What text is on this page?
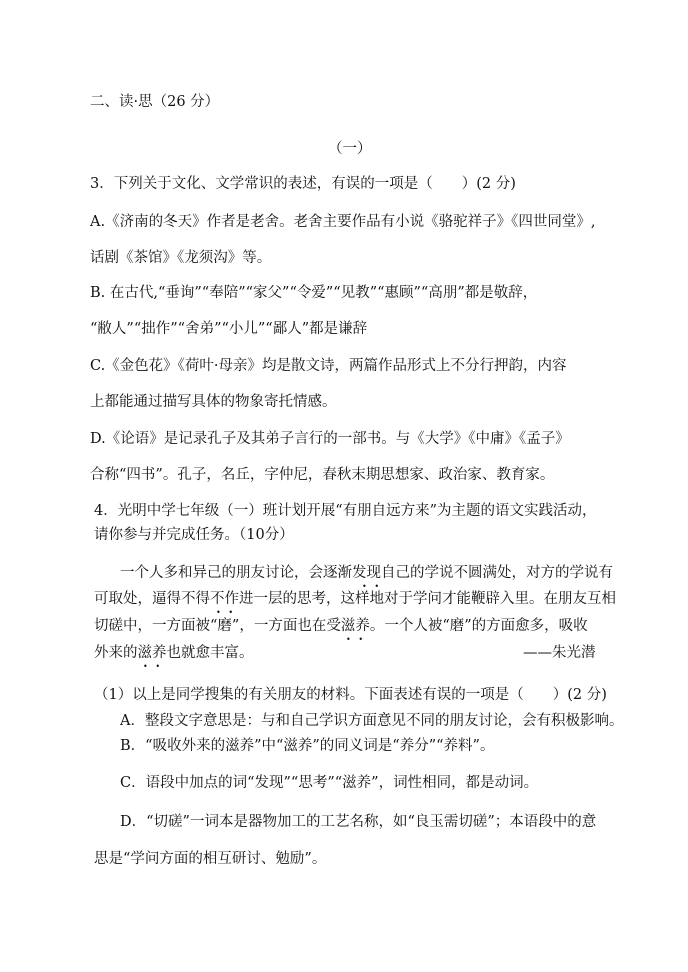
二、读·思（26 分）
（一）
3．下列关于文化、文学常识的表述，有误的一项是（　　）(2 分)
A.《济南的冬天》作者是老舍。老舍主要作品有小说《骆驼祥子》《四世同堂》,
话剧《茶馆》《龙须沟》等。
B. 在古代,“垂询”“奉陪”“家父”“令爱”“见教”“惠顾”“高朋”都是敬辞，
“敝人”“拙作”“舍弟”“小儿”“鄙人”都是谦辞
C.《金色花》《荷叶·母亲》均是散文诗，两篇作品形式上不分行押韵，内容
上都能通过描写具体的物象寄托情感。
D.《论语》是记录孔子及其弟子言行的一部书。与《大学》《中庸》《孟子》
合称“四书”。孔子，名丘，字仲尼，春秋末期思想家、政治家、教育家。
4．光明中学七年级（一）班计划开展“有朋自远方来”为主题的语文实践活动，
请你参与并完成任务。（10分）
一个人多和异己的朋友讨论，会逐渐发现自己的学说不圆满处，对方的学说有
•   •
可取处，逼得不得不作进一层的思考，这样地对于学问才能鞭辟入里。在朋友互相
•   •
切磋中，一方面被“磨”，一方面也在受滋养。一个人被“磨”的方面愈多，吸收
•   •
外来的滋养也就愈丰富。	——朱光潜
•   •
（1）以上是同学搜集的有关朋友的材料。下面表述有误的一项是（　　）(2 分)
A．整段文字意思是：与和自己学识方面意见不同的朋友讨论，会有积极影响。
B．“吸收外来的滋养”中“滋养”的同义词是“养分”“养料”。
C．语段中加点的词“发现”“思考”“滋养”，词性相同，都是动词。
D．“切磋”一词本是器物加工的工艺名称，如“良玉需切磋”；本语段中的意
思是“学问方面的相互研讨、勉励”。
